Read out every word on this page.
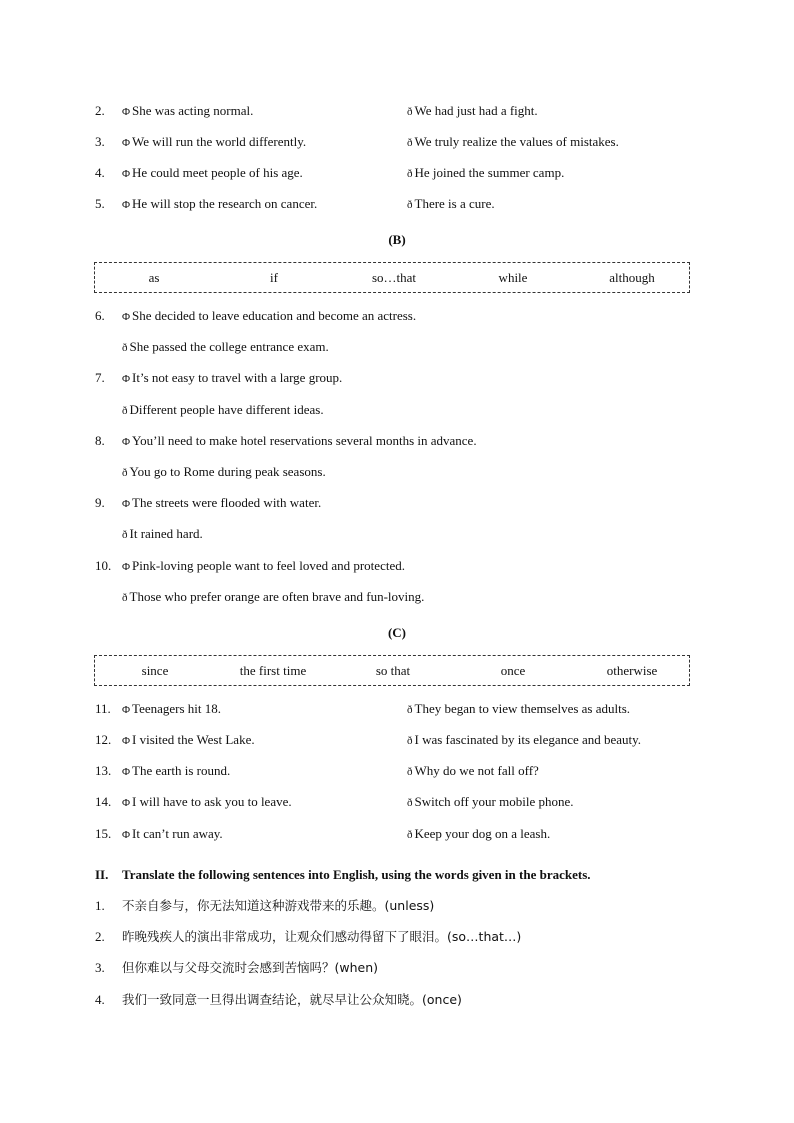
2. Φ She was acting normal.	ð We had just had a fight.
3. Φ We will run the world differently.	ð We truly realize the values of mistakes.
4. Φ He could meet people of his age.	ð He joined the summer camp.
5. Φ He will stop the research on cancer.	ð There is a cure.
(B)
as	if	so…that	while	although
6. Φ She decided to leave education and become an actress.
ð She passed the college entrance exam.
7. Φ It’s not easy to travel with a large group.
ð Different people have different ideas.
8. Φ You’ll need to make hotel reservations several months in advance.
ð You go to Rome during peak seasons.
9. Φ The streets were flooded with water.
ð It rained hard.
10. Φ Pink-loving people want to feel loved and protected.
ð Those who prefer orange are often brave and fun-loving.
(C)
since	the first time	so that	once	otherwise
11. Φ Teenagers hit 18.	ð They began to view themselves as adults.
12. Φ I visited the West Lake.	ð I was fascinated by its elegance and beauty.
13. Φ The earth is round.	ð Why do we not fall off?
14. Φ I will have to ask you to leave.	ð Switch off your mobile phone.
15. Φ It can’t run away.	ð Keep your dog on a leash.
II. Translate the following sentences into English, using the words given in the brackets.
1. 不亲自参与，你无法知道这种游戏带来的乐趣。(unless)
2. 昨晚残疾人的演出非常成功，让观众们感动得留下了眼泪。(so…that…)
3. 但你难以与父母交流时会感到苦恼吗？(when)
4. 我们一致同意一旦得出调查结论，就尽早让公众知晓。(once)
